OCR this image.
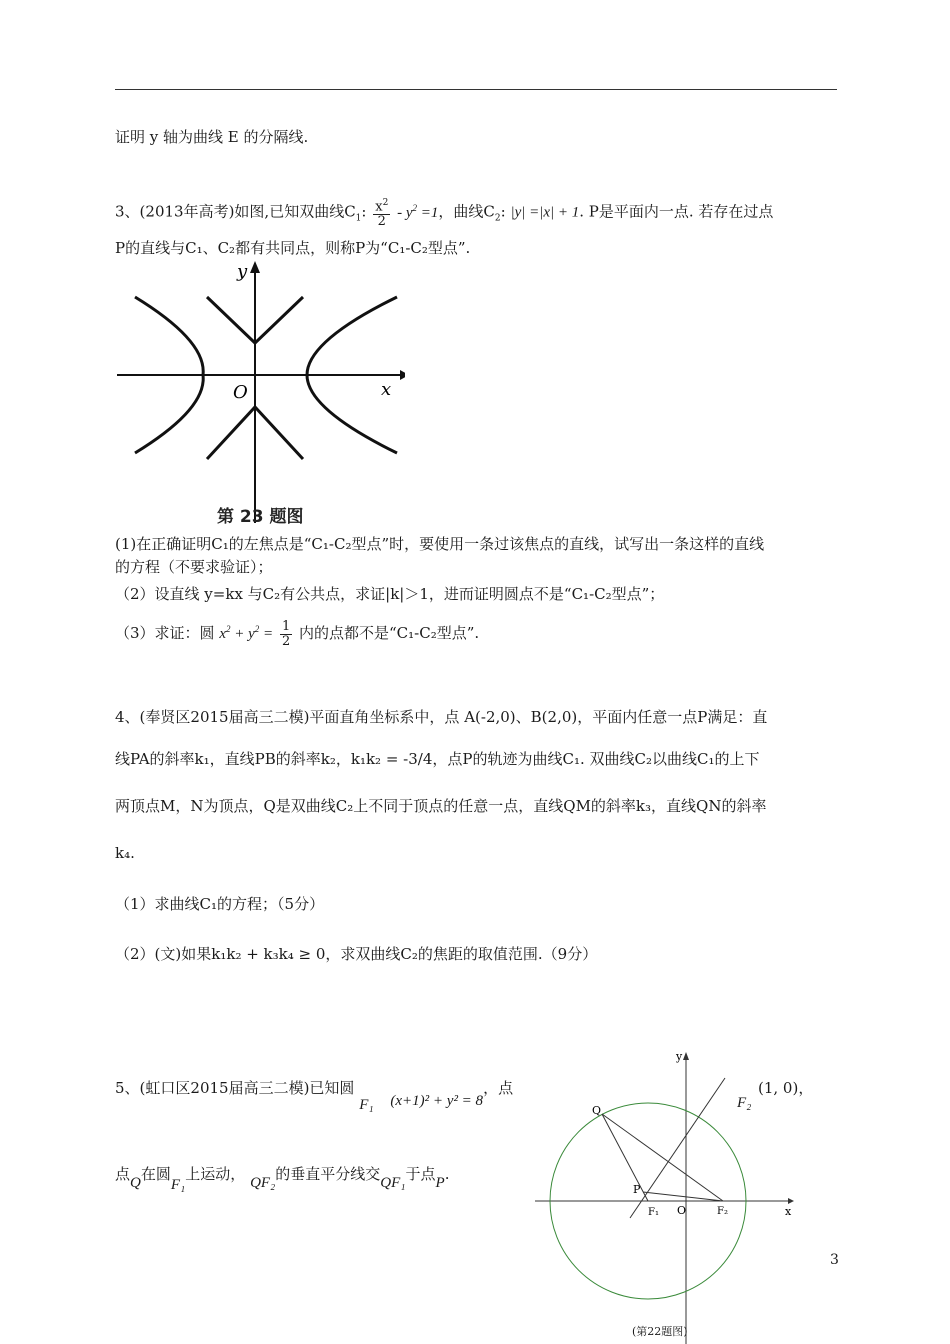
证明 y 轴为曲线 E 的分隔线.
3、(2013年高考)如图,已知双曲线$C_1$: $\frac{x^2}{2} - y^2 =1$，曲线$C_2$: |y| =|x| + 1. P是平面内一点. 若存在过点
P的直线与C₁、C₂都有共同点，则称P为“C₁-C₂型点”.
y
x
O
第 23 题图
(1)在正确证明C₁的左焦点是“C₁-C₂型点”时，要使用一条过该焦点的直线，试写出一条这样的直线
的方程（不要求验证）；
（2）设直线 y=kx 与C₂有公共点，求证|k|＞1，进而证明圆点不是“C₁-C₂型点”；
（3）求证：圆 $x^2 + y^2 = \frac{1}{2}$ 内的点都不是“C₁-C₂型点”.
4、(奉贤区2015届高三二模)平面直角坐标系中，点 A(-2,0)、B(2,0)，平面内任意一点P满足：直
线PA的斜率k₁，直线PB的斜率k₂，k₁k₂ = -3/4，点P的轨迹为曲线C₁. 双曲线C₂以曲线C₁的上下
两顶点M，N为顶点，Q是双曲线C₂上不同于顶点的任意一点，直线QM的斜率k₃，直线QN的斜率
k₄.
（1）求曲线C₁的方程；（5分）
（2）(文)如果k₁k₂ + k₃k₄ ≥ 0，求双曲线C₂的焦距的取值范围.（9分）
5、(虹口区2015届高三二模)已知圆 F₁ (x+1)² + y² = 8，点
F₂
(1, 0)，
点Q在圆F₁上运动， QF₂的垂直平分线交QF₁于点P.
y
x
Q
P
F₁ O	F₂
(第22题图)
3
